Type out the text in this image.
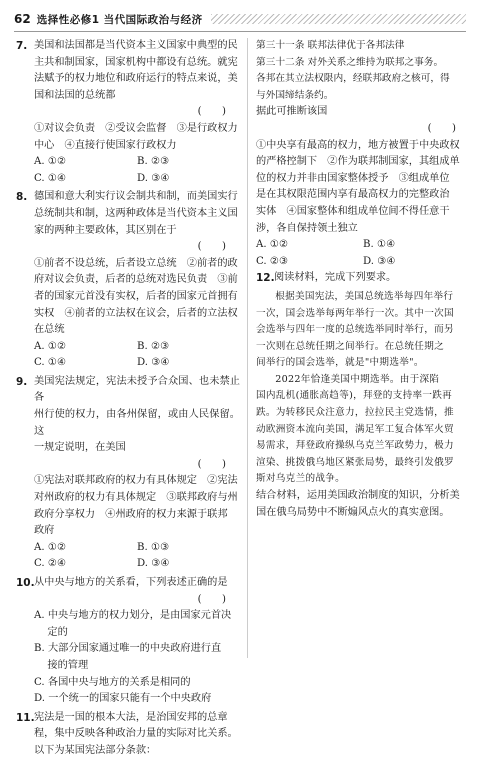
62 选择性必修1 当代国际政治与经济
7. 美国和法国都是当代资本主义国家中典型的民
主共和制国家，国家机构中都设有总统。就宪
法赋予的权力地位和政府运行的特点来说，美
国和法国的总统都
(　　)
①对议会负责　②受议会监督　③是行政权力
中心　④直接行使国家行政权力
A. ①②	B. ②③
C. ①④	D. ③④
8. 德国和意大利实行议会制共和制，而美国实行
总统制共和制，这两种政体是当代资本主义国
家的两种主要政体，其区别在于
(　　)
①前者不设总统，后者设立总统　②前者的政
府对议会负责，后者的总统对选民负责　③前
者的国家元首没有实权，后者的国家元首拥有
实权　④前者的立法权在议会，后者的立法权
在总统
A. ①②	B. ②③
C. ①④	D. ③④
9. 美国宪法规定，宪法未授予合众国、也未禁止各
州行使的权力，由各州保留，或由人民保留。这
一规定说明，在美国
(　　)
①宪法对联邦政府的权力有具体规定　②宪法
对州政府的权力有具体规定　③联邦政府与州
政府分享权力　④州政府的权力来源于联邦
政府
A. ①②	B. ①③
C. ②④	D. ③④
10. 从中央与地方的关系看，下列表述正确的是
(　　)
A. 中央与地方的权力划分，是由国家元首决
　 定的
B. 大部分国家通过唯一的中央政府进行直
　 接的管理
C. 各国中央与地方的关系是相同的
D. 一个统一的国家只能有一个中央政府
11. 宪法是一国的根本大法，是治国安邦的总章
程，集中反映各种政治力量的实际对比关系。
以下为某国宪法部分条款：
第三十一条 联邦法律优于各邦法律
第三十二条 对外关系之维持为联邦之事务。
各邦在其立法权限内，经联邦政府之核可，得
与外国缔结条约。
据此可推断该国
(　　)
①中央享有最高的权力，地方被置于中央政权
的严格控制下　②作为联邦制国家，其组成单
位的权力并非由国家整体授予　③组成单位
是在其权限范围内享有最高权力的完整政治
实体　④国家整体和组成单位间不得任意干
涉，各自保持领土独立
A. ①②	B. ①④
C. ②③	D. ③④
12. 阅读材料，完成下列要求。
根据美国宪法，美国总统选举每四年举行
一次，国会选举每两年举行一次。其中一次国
会选举与四年一度的总统选举同时举行，而另
一次则在总统任期之间举行。在总统任期之
间举行的国会选举，就是"中期选举"。
2022年恰逢美国中期选举。由于深陷
国内乱机(通胀高趋等)，拜登的支持率一跌再
跌。为转移民众注意力，拉拉民主党选情，推
动欧洲资本流向美国，满足军工复合体军火贸
易需求，拜登政府操纵乌克兰军政势力，极力
渲染、挑拨俄乌地区紧张局势，最终引发俄罗
斯对乌克兰的战争。
结合材料，运用美国政治制度的知识，分析美
国在俄乌局势中不断煽风点火的真实意图。
